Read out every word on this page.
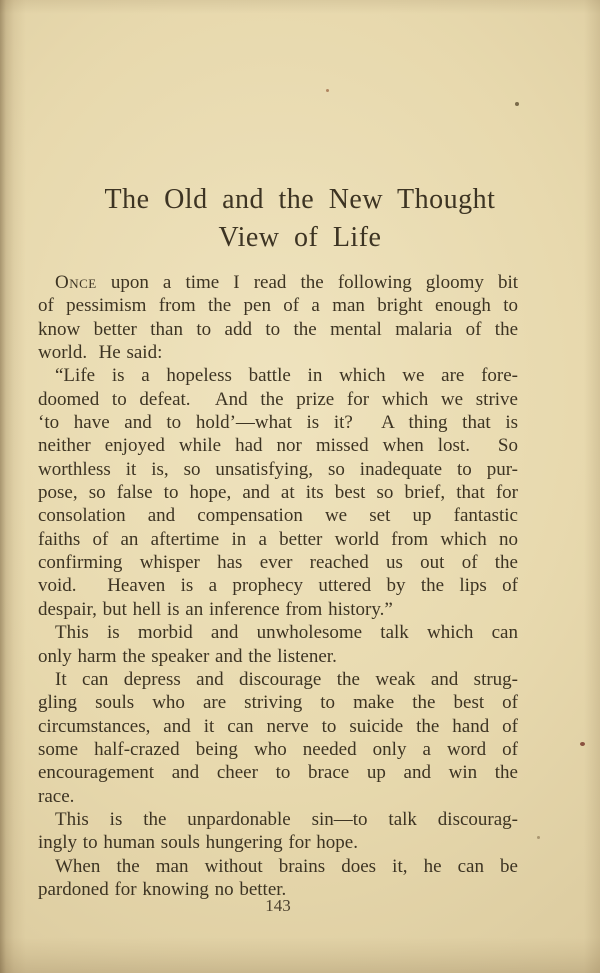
The Old and the New Thought
View of Life
Once upon a time I read the following gloomy bit
of pessimism from the pen of a man bright enough to
know better than to add to the mental malaria of the
world.  He said:
“Life is a hopeless battle in which we are fore-
doomed to defeat.  And the prize for which we strive
‘to have and to hold’—what is it?  A thing that is
neither enjoyed while had nor missed when lost.  So
worthless it is, so unsatisfying, so inadequate to pur-
pose, so false to hope, and at its best so brief, that for
consolation and compensation we set up fantastic
faiths of an aftertime in a better world from which no
confirming whisper has ever reached us out of the
void.  Heaven is a prophecy uttered by the lips of
despair, but hell is an inference from history.”
This is morbid and unwholesome talk which can
only harm the speaker and the listener.
It can depress and discourage the weak and strug-
gling souls who are striving to make the best of
circumstances, and it can nerve to suicide the hand of
some half-crazed being who needed only a word of
encouragement and cheer to brace up and win the
race.
This is the unpardonable sin—to talk discourag-
ingly to human souls hungering for hope.
When the man without brains does it, he can be
pardoned for knowing no better.
143
